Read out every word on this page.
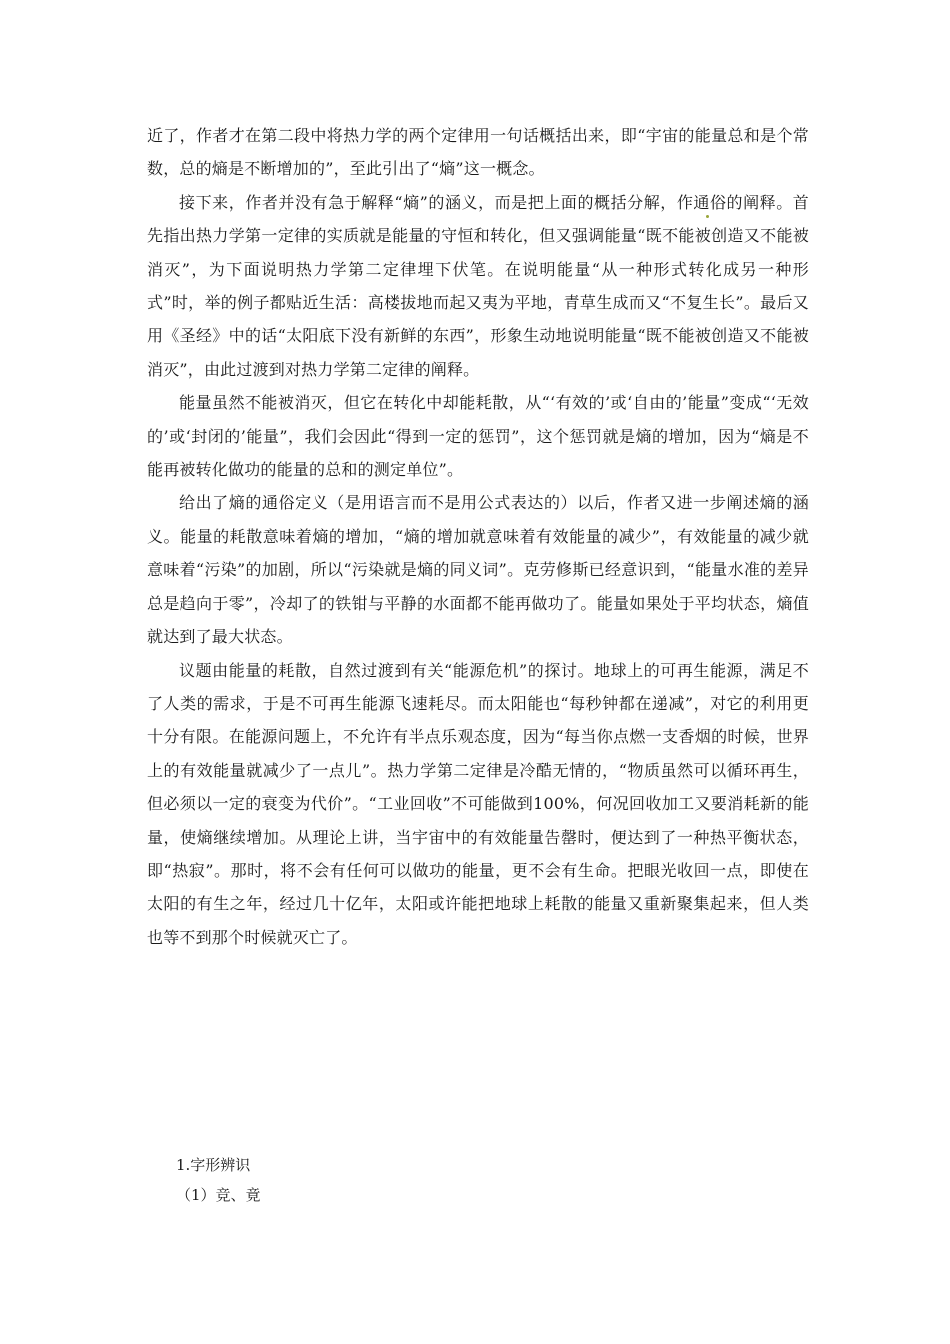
近了，作者才在第二段中将热力学的两个定律用一句话概括出来，即“宇宙的能量总和是个常数，总的熵是不断增加的”，至此引出了“熵”这一概念。

接下来，作者并没有急于解释“熵”的涵义，而是把上面的概括分解，作通俗的阐释。首先指出热力学第一定律的实质就是能量的守恒和转化，但又强调能量“既不能被创造又不能被消灭”，为下面说明热力学第二定律埋下伏笔。在说明能量“从一种形式转化成另一种形式”时，举的例子都贴近生活：高楼拔地而起又夷为平地，青草生成而又“不复生长”。最后又用《圣经》中的话“太阳底下没有新鲜的东西”，形象生动地说明能量“既不能被创造又不能被消灭”，由此过渡到对热力学第二定律的阐释。

能量虽然不能被消灭，但它在转化中却能耗散，从“‘有效的’或‘自由的’能量”变成“‘无效的’或‘封闭的’能量”，我们会因此“得到一定的惩罚”，这个惩罚就是熵的增加，因为“熵是不能再被转化做功的能量的总和的测定单位”。

给出了熵的通俗定义（是用语言而不是用公式表达的）以后，作者又进一步阐述熵的涵义。能量的耗散意味着熵的增加，“熵的增加就意味着有效能量的减少”，有效能量的减少就意味着“污染”的加剧，所以“污染就是熵的同义词”。克劳修斯已经意识到，“能量水准的差异总是趋向于零”，冷却了的铁钳与平静的水面都不能再做功了。能量如果处于平均状态，熵值就达到了最大状态。

议题由能量的耗散，自然过渡到有关“能源危机”的探讨。地球上的可再生能源，满足不了人类的需求，于是不可再生能源飞速耗尽。而太阳能也“每秒钟都在递减”，对它的利用更十分有限。在能源问题上，不允许有半点乐观态度，因为“每当你点燃一支香烟的时候，世界上的有效能量就减少了一点儿”。热力学第二定律是冷酷无情的，“物质虽然可以循环再生，但必须以一定的衰变为代价”。“工业回收”不可能做到100%，何况回收加工又要消耗新的能量，使熵继续增加。从理论上讲，当宇宙中的有效能量告罄时，便达到了一种热平衡状态，即“热寂”。那时，将不会有任何可以做功的能量，更不会有生命。把眼光收回一点，即使在太阳的有生之年，经过几十亿年，太阳或许能把地球上耗散的能量又重新聚集起来，但人类也等不到那个时候就灭亡了。

1.字形辨识

（1）竞、竟
